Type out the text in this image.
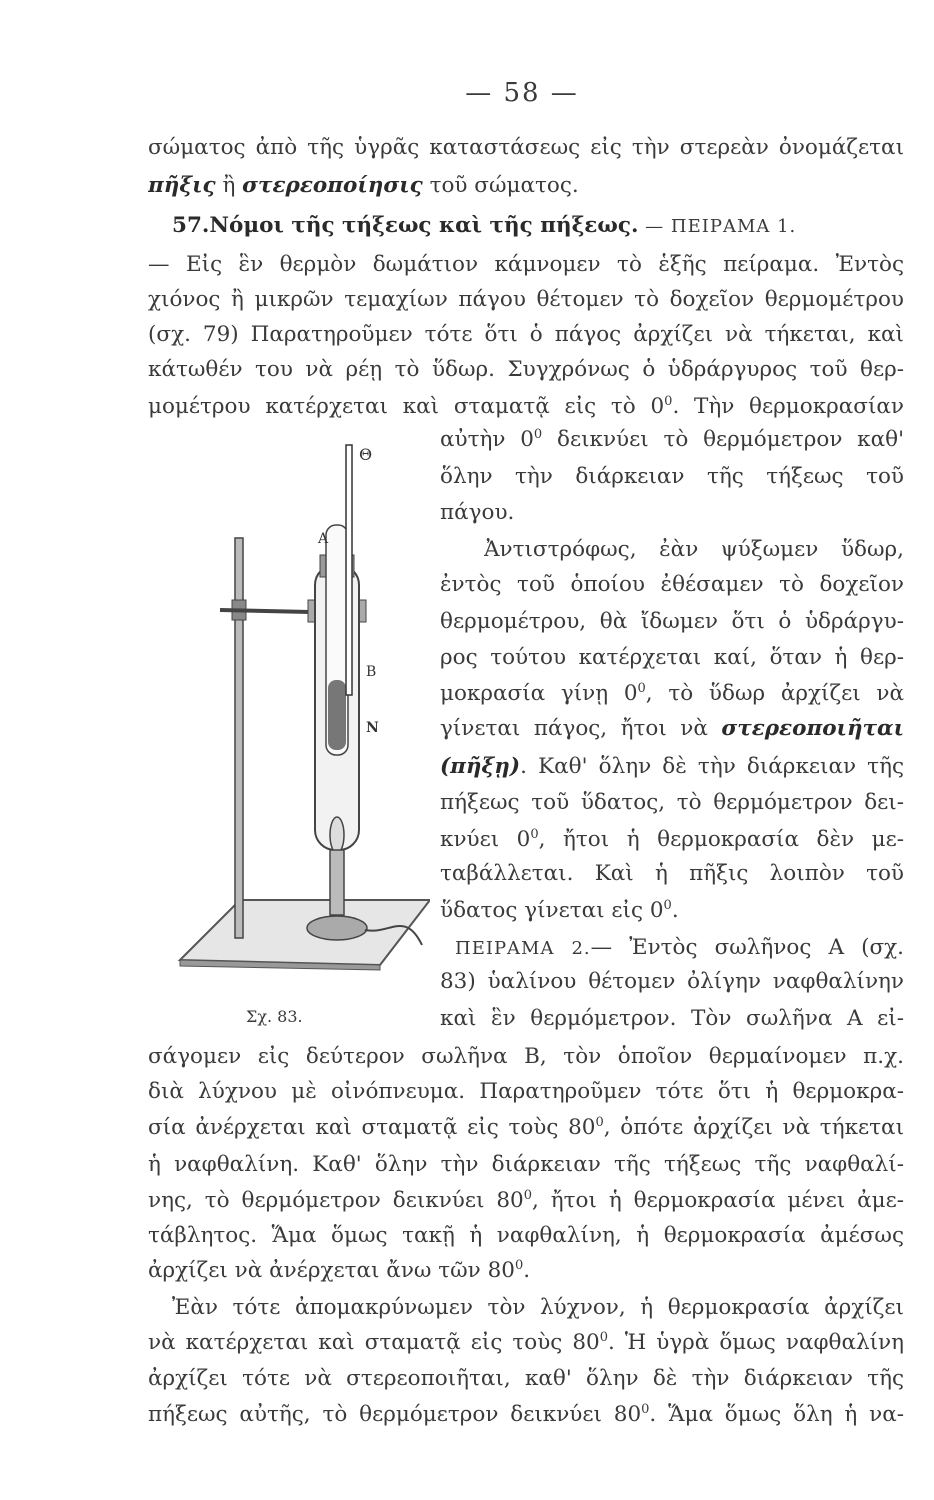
— 58 —
σώματος ἀπὸ τῆς ὑγρᾶς καταστάσεως εἰς τὴν στερεὰν ὀνομάζεται
πῆξις ἢ στερεοποίησις τοῦ σώματος.
57.Νόμοι τῆς τήξεως καὶ τῆς πήξεως. — ΠΕΙΡΑΜΑ 1.
— Εἰς ἓν θερμὸν δωμάτιον κάμνομεν τὸ ἑξῆς πείραμα. Ἐντὸς
χιόνος ἢ μικρῶν τεμαχίων πάγου θέτομεν τὸ δοχεῖον θερμομέτρου
(σχ. 79) Παρατηροῦμεν τότε ὅτι ὁ πάγος ἀρχίζει νὰ τήκεται, καὶ
κάτωθέν του νὰ ρέῃ τὸ ὕδωρ. Συγχρόνως ὁ ὑδράργυρος τοῦ θερ-
μομέτρου κατέρχεται καὶ σταματᾷ εἰς τὸ $0^0$. Τὴν θερμοκρασίαν
αὐτὴν $0^0$ δεικνύει τὸ θερμόμετρον καθ'
ὅλην τὴν διάρκειαν τῆς τήξεως τοῦ
πάγου.
Ἀντιστρόφως, ἐὰν ψύξωμεν ὕδωρ,
ἐντὸς τοῦ ὁποίου ἐθέσαμεν τὸ δοχεῖον
θερμομέτρου, θὰ ἴδωμεν ὅτι ὁ ὑδράργυ-
ρος τούτου κατέρχεται καί, ὅταν ἡ θερ-
μοκρασία γίνῃ $0^0$, τὸ ὕδωρ ἀρχίζει νὰ
γίνεται πάγος, ἤτοι νὰ στερεοποιῆται
(πῆξῃ). Καθ' ὅλην δὲ τὴν διάρκειαν τῆς
πήξεως τοῦ ὕδατος, τὸ θερμόμετρον δει-
κνύει $0^0$, ἤτοι ἡ θερμοκρασία δὲν με-
ταβάλλεται. Καὶ ἡ πῆξις λοιπὸν τοῦ
ὕδατος γίνεται εἰς $0^0$.
ΠΕΙΡΑΜΑ 2.— Ἐντὸς σωλῆνος Α (σχ.
83) ὑαλίνου θέτομεν ὀλίγην ναφθαλίνην
καὶ ἓν θερμόμετρον. Τὸν σωλῆνα Α εἰ-
σάγομεν εἰς δεύτερον σωλῆνα Β, τὸν ὁποῖον θερμαίνομεν π.χ.
διὰ λύχνου μὲ οἰνόπνευμα. Παρατηροῦμεν τότε ὅτι ἡ θερμοκρα-
σία ἀνέρχεται καὶ σταματᾷ εἰς τοὺς $80^0$, ὁπότε ἀρχίζει νὰ τήκεται
ἡ ναφθαλίνη. Καθ' ὅλην τὴν διάρκειαν τῆς τήξεως τῆς ναφθαλί-
νης, τὸ θερμόμετρον δεικνύει $80^0$, ἤτοι ἡ θερμοκρασία μένει ἀμε-
τάβλητος. Ἅμα ὅμως τακῇ ἡ ναφθαλίνη, ἡ θερμοκρασία ἀμέσως
ἀρχίζει νὰ ἀνέρχεται ἄνω τῶν $80^0$.
Ἐὰν τότε ἀπομακρύνωμεν τὸν λύχνον, ἡ θερμοκρασία ἀρχίζει
νὰ κατέρχεται καὶ σταματᾷ εἰς τοὺς $80^0$. Ἡ ὑγρὰ ὅμως ναφθαλίνη
ἀρχίζει τότε νὰ στερεοποιῆται, καθ' ὅλην δὲ τὴν διάρκειαν τῆς
πήξεως αὐτῆς, τὸ θερμόμετρον δεικνύει $80^0$. Ἅμα ὅμως ὅλη ἡ να-
Θ
A
B
N
Σχ. 83.
